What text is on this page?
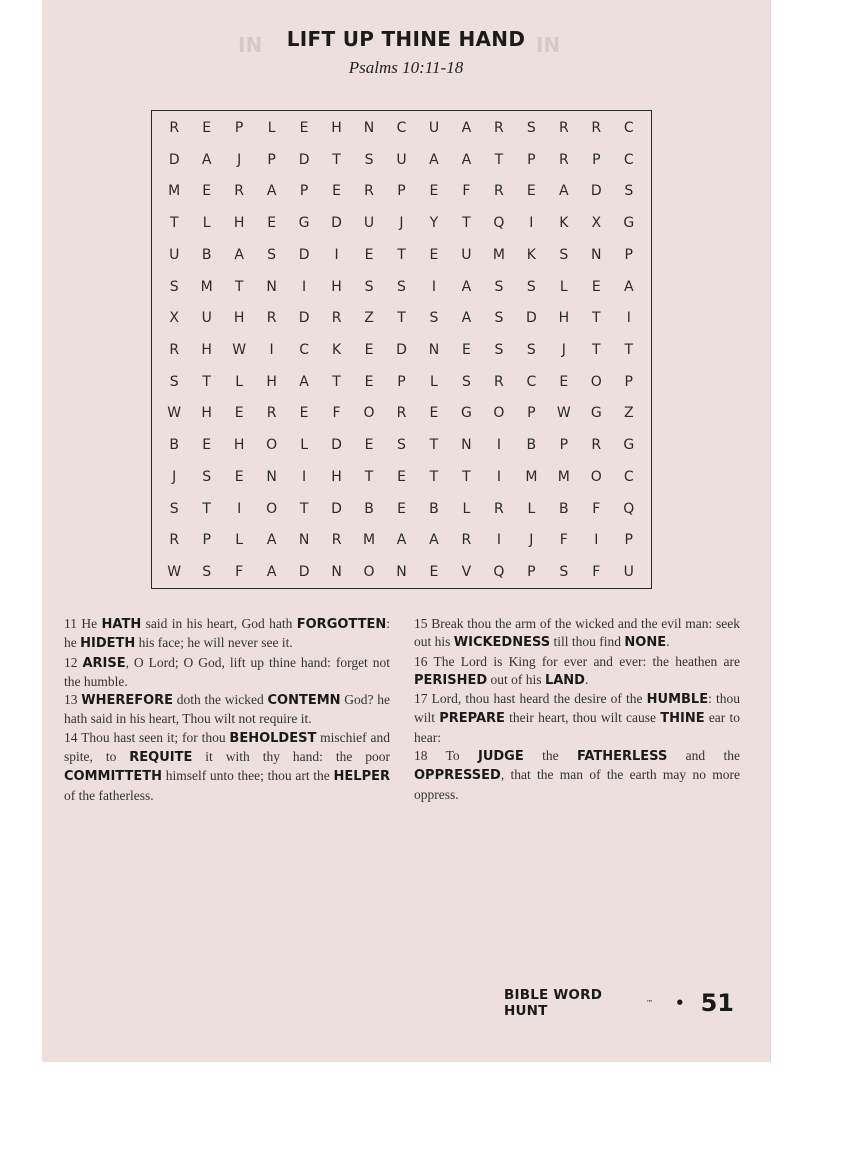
IN	IN
LIFT UP THINE HAND
Psalms 10:11-18
R	E	P	L	E	H	N	C	U	A	R	S	R	R	C
D	A	J	P	D	T	S	U	A	A	T	P	R	P	C
M	E	R	A	P	E	R	P	E	F	R	E	A	D	S
T	L	H	E	G	D	U	J	Y	T	Q	I	K	X	G
U	B	A	S	D	I	E	T	E	U	M	K	S	N	P
S	M	T	N	I	H	S	S	I	A	S	S	L	E	A
X	U	H	R	D	R	Z	T	S	A	S	D	H	T	I
R	H	W	I	C	K	E	D	N	E	S	S	J	T	T
S	T	L	H	A	T	E	P	L	S	R	C	E	O	P
W	H	E	R	E	F	O	R	E	G	O	P	W	G	Z
B	E	H	O	L	D	E	S	T	N	I	B	P	R	G
J	S	E	N	I	H	T	E	T	T	I	M	M	O	C
S	T	I	O	T	D	B	E	B	L	R	L	B	F	Q
R	P	L	A	N	R	M	A	A	R	I	J	F	I	P
W	S	F	A	D	N	O	N	E	V	Q	P	S	F	U
11 He HATH said in his heart, God hath FORGOTTEN: he HIDETH his face; he will never see it.
12 ARISE, O Lord; O God, lift up thine hand: forget not the humble.
13 WHEREFORE doth the wicked CONTEMN God? he hath said in his heart, Thou wilt not require it.
14 Thou hast seen it; for thou BEHOLDEST mischief and spite, to REQUITE it with thy hand: the poor COMMITTETH himself unto thee; thou art the HELPER of the fatherless.
15 Break thou the arm of the wicked and the evil man: seek out his WICKEDNESS till thou find NONE.
16 The Lord is King for ever and ever: the heathen are PERISHED out of his LAND.
17 Lord, thou hast heard the desire of the HUMBLE: thou wilt PREPARE their heart, thou wilt cause THINE ear to hear:
18 To JUDGE the FATHERLESS and the OPPRESSED, that the man of the earth may no more oppress.
BIBLE WORD HUNT	™ • 51
